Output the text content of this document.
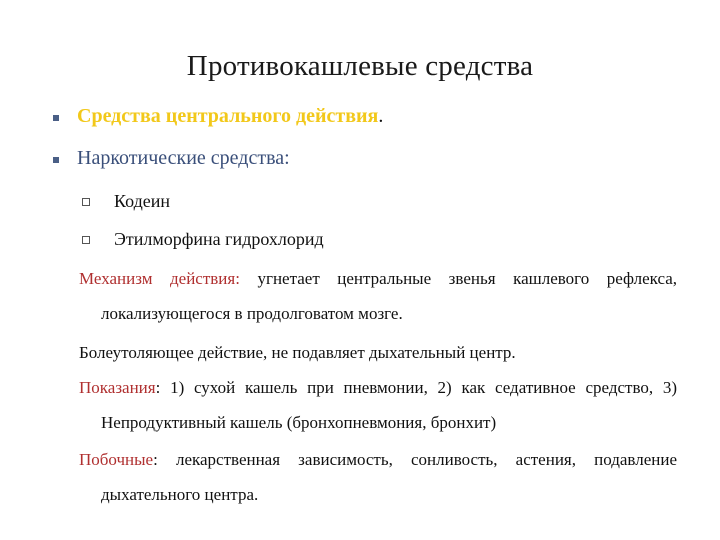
Противокашлевые средства
Средства центрального действия.
Наркотические средства:
Кодеин
Этилморфина гидрохлорид
Механизм действия: угнетает центральные звенья кашлевого рефлекса,
локализующегося в продолговатом мозге.
Болеутоляющее действие, не подавляет дыхательный центр.
Показания: 1) сухой кашель при пневмонии, 2) как седативное средство, 3)
Непродуктивный кашель (бронхопневмония, бронхит)
Побочные: лекарственная зависимость, сонливость, астения, подавление
дыхательного центра.
